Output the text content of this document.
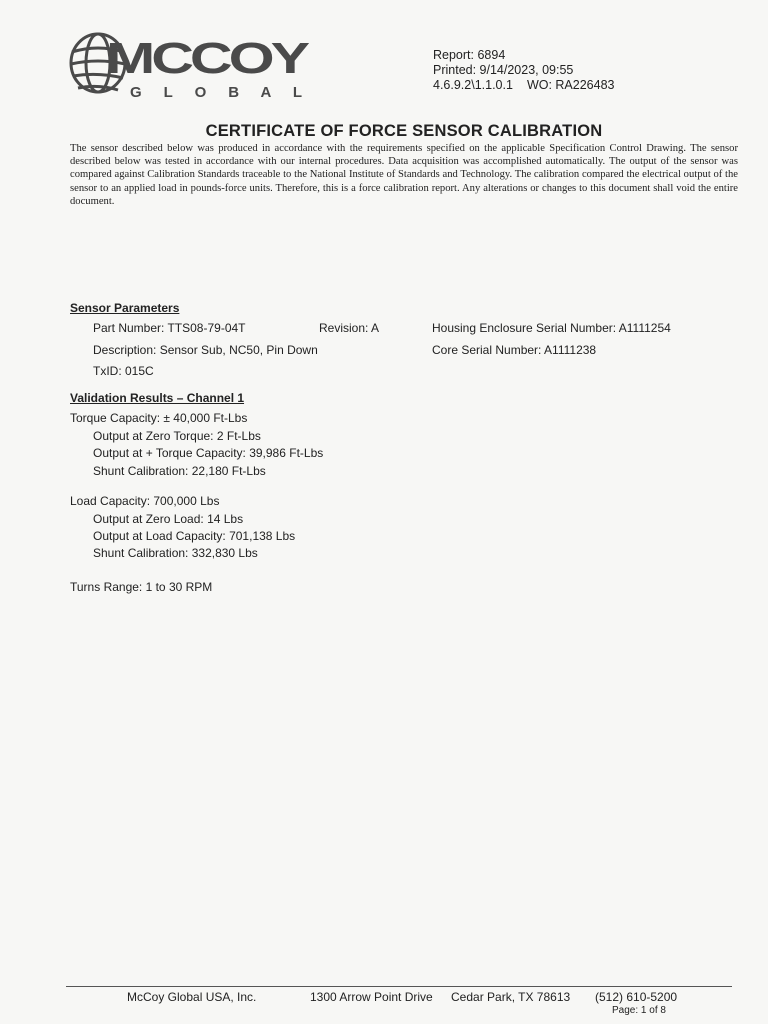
MCCOY
G L O B A L
Report: 6894
Printed: 9/14/2023, 09:55
4.6.9.2\1.1.0.1 WO: RA226483
CERTIFICATE OF FORCE SENSOR CALIBRATION
The sensor described below was produced in accordance with the requirements specified on the applicable Specification Control Drawing. The sensor described below was tested in accordance with our internal procedures. Data acquisition was accomplished automatically. The output of the sensor was compared against Calibration Standards traceable to the National Institute of Standards and Technology. The calibration compared the electrical output of the sensor to an applied load in pounds-force units. Therefore, this is a force calibration report. Any alterations or changes to this document shall void the entire document.
Sensor Parameters
Part Number: TTS08-79-04T	Revision: A	Housing Enclosure Serial Number: A1111254
Description: Sensor Sub, NC50, Pin Down	Core Serial Number: A1111238
TxID: 015C
Validation Results – Channel 1
Torque Capacity: ± 40,000 Ft-Lbs
Output at Zero Torque: 2 Ft-Lbs
Output at + Torque Capacity: 39,986 Ft-Lbs
Shunt Calibration: 22,180 Ft-Lbs
Load Capacity: 700,000 Lbs
Output at Zero Load: 14 Lbs
Output at Load Capacity: 701,138 Lbs
Shunt Calibration: 332,830 Lbs
Turns Range: 1 to 30 RPM
McCoy Global USA, Inc.	1300 Arrow Point Drive Cedar Park, TX 78613 (512) 610-5200
Page: 1 of 8
